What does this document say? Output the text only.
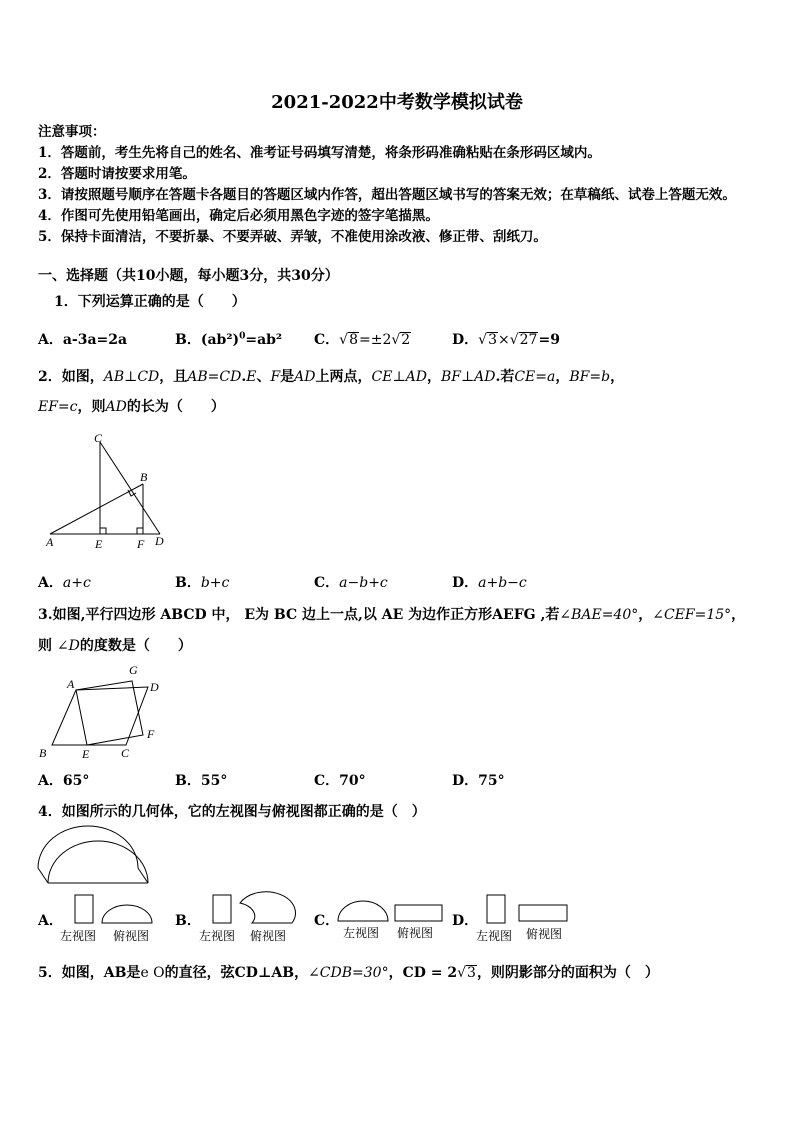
2021-2022中考数学模拟试卷
注意事项：
1．答题前，考生先将自己的姓名、准考证号码填写清楚，将条形码准确粘贴在条形码区域内。
2．答题时请按要求用笔。
3．请按照题号顺序在答题卡各题目的答题区域内作答，超出答题区域书写的答案无效；在草稿纸、试卷上答题无效。
4．作图可先使用铅笔画出，确定后必须用黑色字迹的签字笔描黑。
5．保持卡面清洁，不要折暴、不要弄破、弄皱，不准使用涂改液、修正带、刮纸刀。
一、选择题（共10小题，每小题3分，共30分）
1．下列运算正确的是（　　）
A．a-3a=2a	B．$(ab^2)^0=ab^2$ C．√8=±2√2	D．√3×√27=9
2．如图，AB⊥CD，且AB=CD.E、F是AD上两点，CE⊥AD，BF⊥AD.若CE=a，BF=b，
EF=c，则AD的长为（　　）
C
B
A	E	F D
A．a+c	B．b+c	C．a−b+c	D．a+b−c
3.如图,平行四边形 ABCD 中， E为 BC 边上一点,以 AE 为边作正方形AEFG ,若∠BAE=40°，∠CEF=15°，
则 ∠D的度数是（　　）
A
G
D
B	E	C
F
A．65°	B．55°	C．70°	D．75°
4．如图所示的几何体，它的左视图与俯视图都正确的是（　）
A．
左视图 俯视图
B．
左视图 俯视图
C．
左视图 俯视图
D．
左视图 俯视图
5．如图，AB是e O的直径，弦CD⊥AB，∠CDB=30°，CD = 2√3，则阴影部分的面积为（　）
